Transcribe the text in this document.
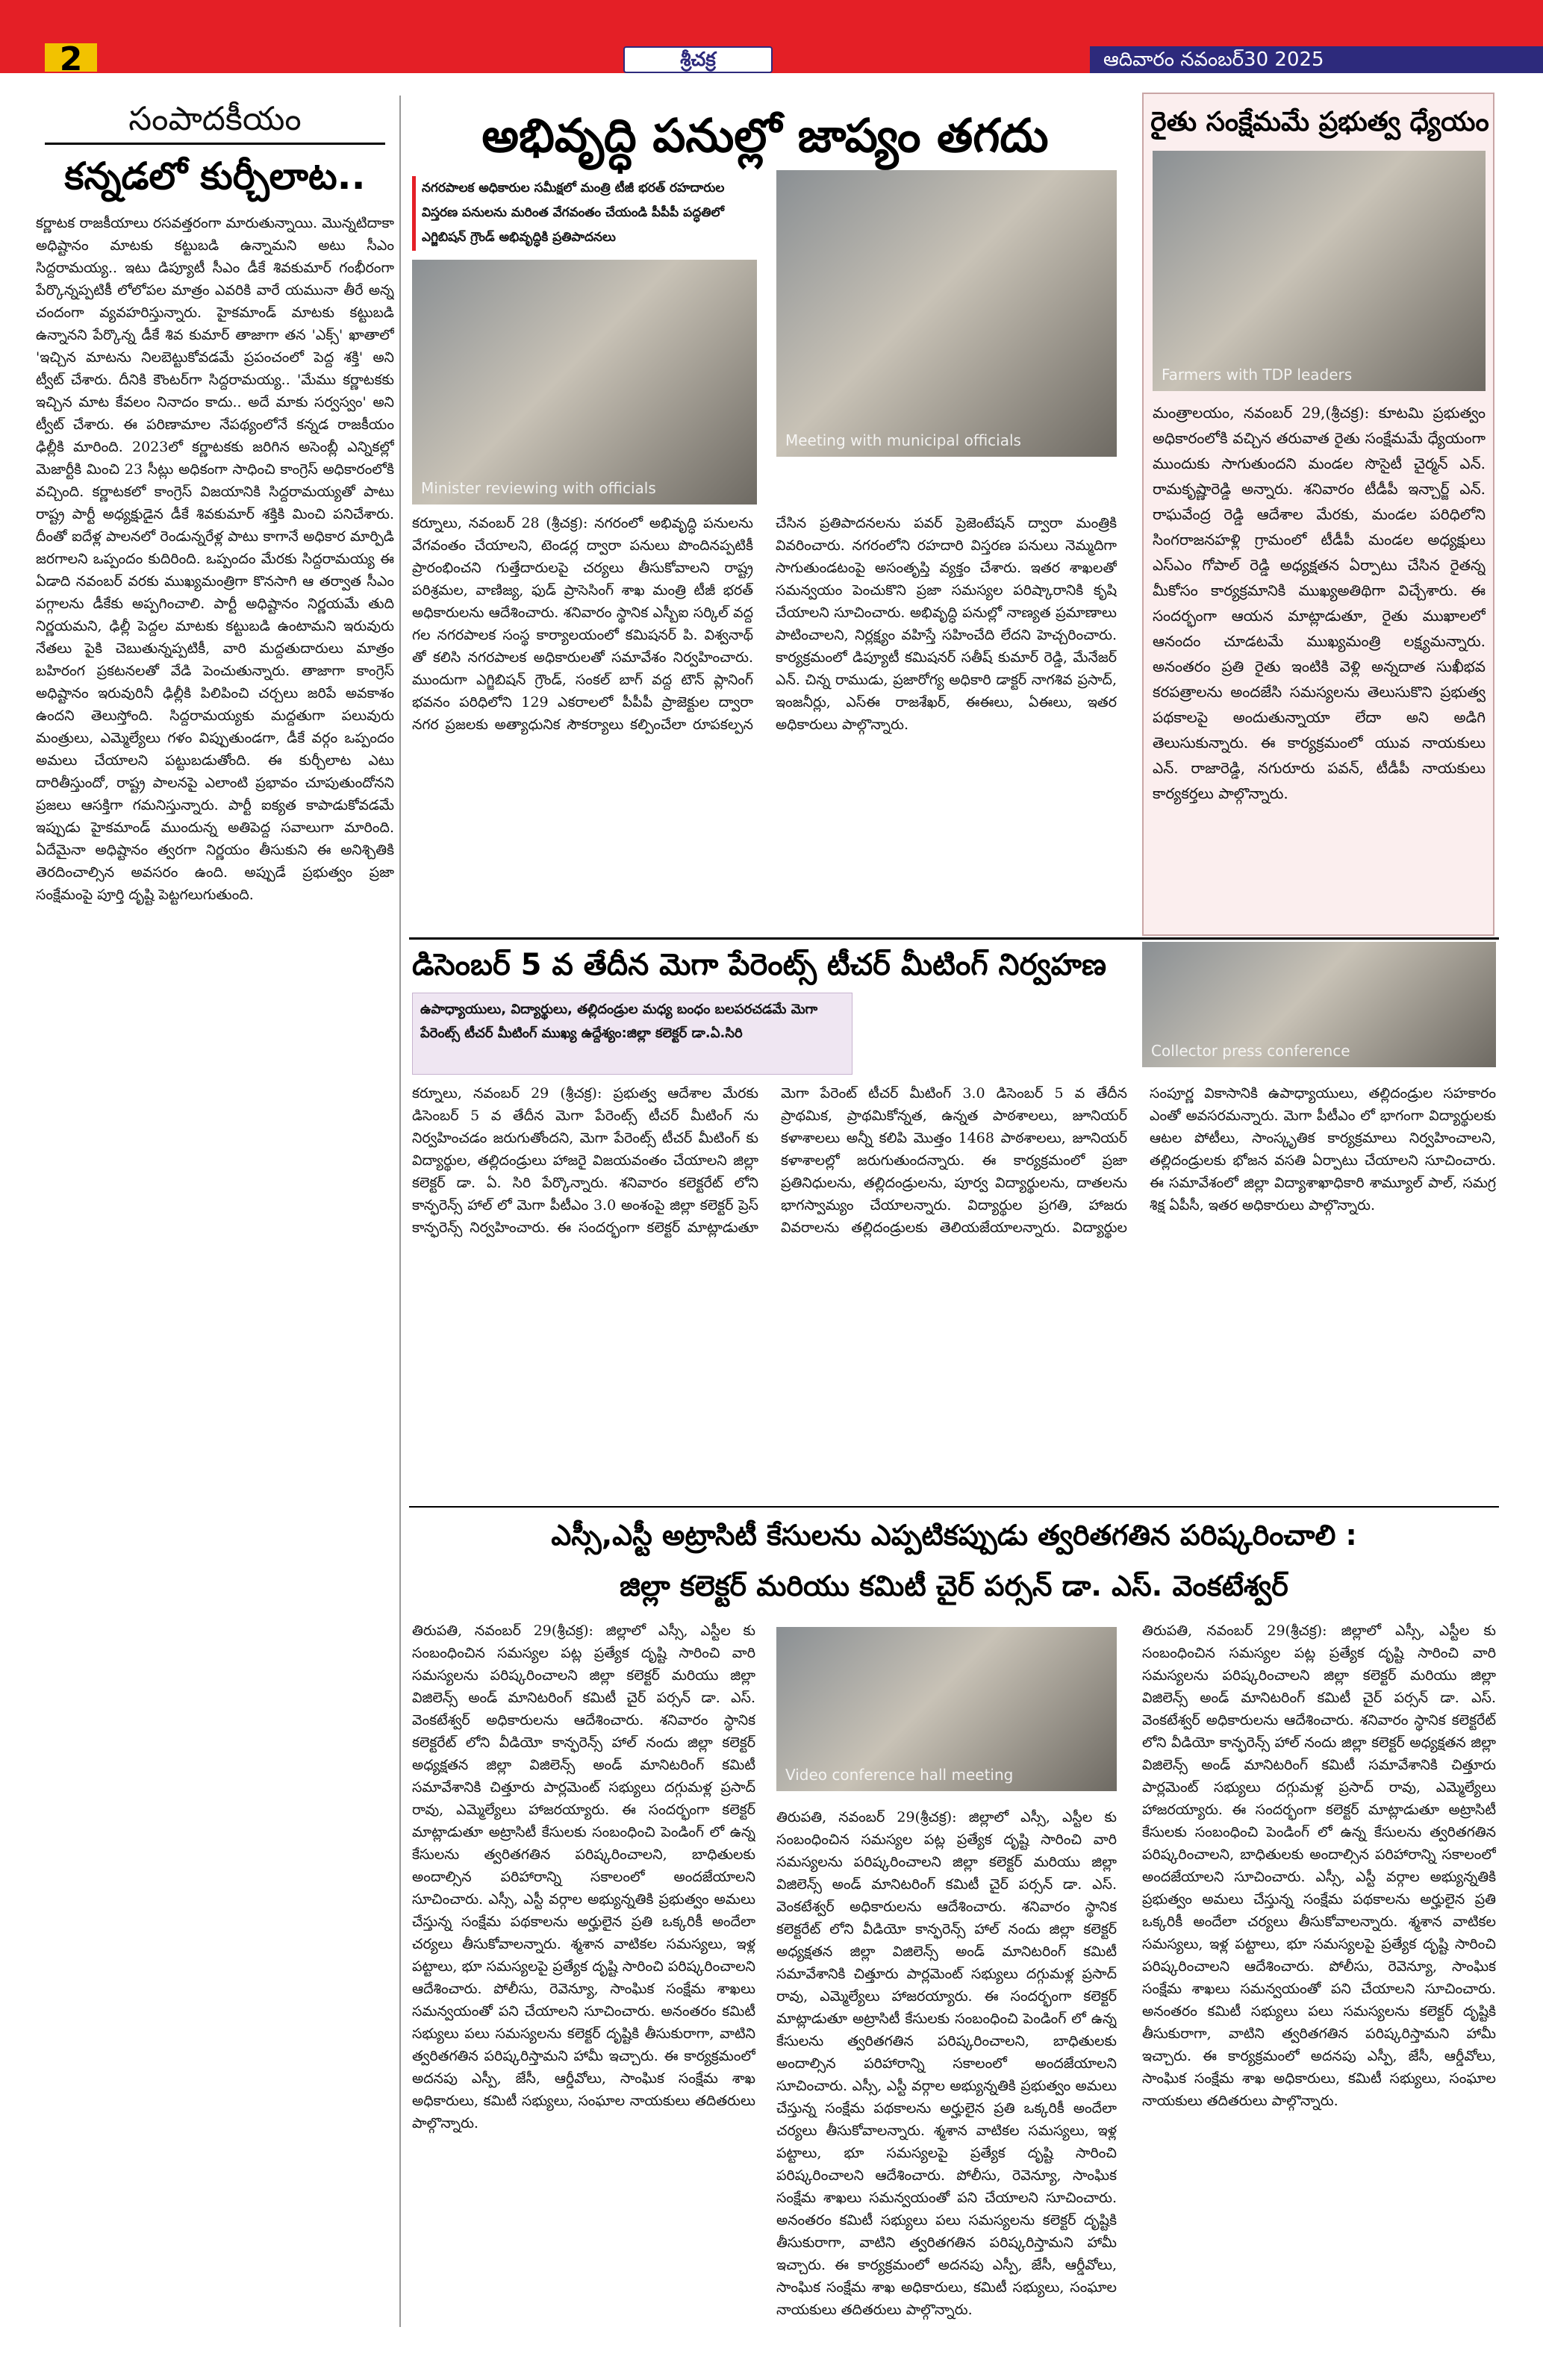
2	శ్రీచక్ర	ఆదివారం నవంబర్30 2025
సంపాదకీయం
కన్నడలో కుర్చీలాట..
కర్ణాటక రాజకీయాలు రసవత్తరంగా మారుతున్నాయి. మొన్నటిదాకా అధిష్టానం మాటకు కట్టుబడి ఉన్నామని అటు సీఎం సిద్దరామయ్య.. ఇటు డిప్యూటీ సీఎం డీకే శివకుమార్ గంభీరంగా పేర్కొన్నప్పటికీ లోలోపల మాత్రం ఎవరికి వారే యమునా తీరే అన్న చందంగా వ్యవహరిస్తున్నారు. హైకమాండ్ మాటకు కట్టుబడి ఉన్నానని పేర్కొన్న డీకే శివ కుమార్ తాజాగా తన 'ఎక్స్' ఖాతాలో 'ఇచ్చిన మాటను నిలబెట్టుకోవడమే ప్రపంచంలో పెద్ద శక్తి' అని ట్వీట్ చేశారు. దీనికి కౌంటర్‌గా సిద్దరామయ్య.. 'మేము కర్ణాటకకు ఇచ్చిన మాట కేవలం నినాదం కాదు.. అదే మాకు సర్వస్వం' అని ట్వీట్ చేశారు. ఈ పరిణామాల నేపథ్యంలోనే కన్నడ రాజకీయం ఢిల్లీకి మారింది. 2023లో కర్ణాటకకు జరిగిన అసెంబ్లీ ఎన్నికల్లో మెజార్టీకి మించి 23 సీట్లు అధికంగా సాధించి కాంగ్రెస్ అధికారంలోకి వచ్చింది. కర్ణాటకలో కాంగ్రెస్ విజయానికి సిద్దరామయ్యతో పాటు రాష్ట్ర పార్టీ అధ్యక్షుడైన డీకే శివకుమార్ శక్తికి మించి పనిచేశారు. దీంతో ఐదేళ్ల పాలనలో రెండున్నరేళ్ల పాటు కాగానే అధికార మార్పిడి జరగాలని ఒప్పందం కుదిరింది. ఒప్పందం మేరకు సిద్దరామయ్య ఈ ఏడాది నవంబర్ వరకు ముఖ్యమంత్రిగా కొనసాగి ఆ తర్వాత సీఎం పగ్గాలను డీకేకు అప్పగించాలి. పార్టీ అధిష్టానం నిర్ణయమే తుది నిర్ణయమని, ఢిల్లీ పెద్దల మాటకు కట్టుబడి ఉంటామని ఇరువురు నేతలు పైకి చెబుతున్నప్పటికీ, వారి మద్దతుదారులు మాత్రం బహిరంగ ప్రకటనలతో వేడి పెంచుతున్నారు. తాజాగా కాంగ్రెస్ అధిష్టానం ఇరువురినీ ఢిల్లీకి పిలిపించి చర్చలు జరిపే అవకాశం ఉందని తెలుస్తోంది. సిద్దరామయ్యకు మద్దతుగా పలువురు మంత్రులు, ఎమ్మెల్యేలు గళం విప్పుతుండగా, డీకే వర్గం ఒప్పందం అమలు చేయాలని పట్టుబడుతోంది. ఈ కుర్చీలాట ఎటు దారితీస్తుందో, రాష్ట్ర పాలనపై ఎలాంటి ప్రభావం చూపుతుందోనని ప్రజలు ఆసక్తిగా గమనిస్తున్నారు. పార్టీ ఐక్యత కాపాడుకోవడమే ఇప్పుడు హైకమాండ్ ముందున్న అతిపెద్ద సవాలుగా మారింది. ఏదేమైనా అధిష్టానం త్వరగా నిర్ణయం తీసుకుని ఈ అనిశ్చితికి తెరదించాల్సిన అవసరం ఉంది. అప్పుడే ప్రభుత్వం ప్రజా సంక్షేమంపై పూర్తి దృష్టి పెట్టగలుగుతుంది.
అభివృద్ధి పనుల్లో జాప్యం తగదు
నగరపాలక అధికారుల సమీక్షలో మంత్రి టీజీ భరత్ రహదారుల విస్తరణ పనులను మరింత వేగవంతం చేయండి పీపీపీ పద్ధతిలో ఎగ్జిబిషన్ గ్రౌండ్ అభివృద్ధికి ప్రతిపాదనలు
Minister reviewing with officials
Meeting with municipal officials
కర్నూలు, నవంబర్ 28 (శ్రీచక్ర): నగరంలో అభివృద్ధి పనులను వేగవంతం చేయాలని, టెండర్ల ద్వారా పనులు పొందినప్పటికీ ప్రారంభించని గుత్తేదారులపై చర్యలు తీసుకోవాలని రాష్ట్ర పరిశ్రమల, వాణిజ్య, ఫుడ్ ప్రాసెసింగ్ శాఖ మంత్రి టీజీ భరత్ అధికారులను ఆదేశించారు. శనివారం స్థానిక ఎస్బీఐ సర్కిల్ వద్ద గల నగరపాలక సంస్థ కార్యాలయంలో కమిషనర్ పి. విశ్వనాథ్ తో కలిసి నగరపాలక అధికారులతో సమావేశం నిర్వహించారు. ముందుగా ఎగ్జిబిషన్ గ్రౌండ్, సంకల్ బాగ్ వద్ద టౌన్ ప్లానింగ్ భవనం పరిధిలోని 129 ఎకరాలలో పీపీపీ ప్రాజెక్టుల ద్వారా నగర ప్రజలకు అత్యాధునిక సౌకర్యాలు కల్పించేలా రూపకల్పన చేసిన ప్రతిపాదనలను పవర్ ప్రెజెంటేషన్ ద్వారా మంత్రికి వివరించారు. నగరంలోని రహదారి విస్తరణ పనులు నెమ్మదిగా సాగుతుండటంపై అసంతృప్తి వ్యక్తం చేశారు. ఇతర శాఖలతో సమన్వయం పెంచుకొని ప్రజా సమస్యల పరిష్కారానికి కృషి చేయాలని సూచించారు. అభివృద్ధి పనుల్లో నాణ్యత ప్రమాణాలు పాటించాలని, నిర్లక్ష్యం వహిస్తే సహించేది లేదని హెచ్చరించారు. కార్యక్రమంలో డిప్యూటీ కమిషనర్ సతీష్ కుమార్ రెడ్డి, మేనేజర్ ఎన్. చిన్న రాముడు, ప్రజారోగ్య అధికారి డాక్టర్ నాగశివ ప్రసాద్, ఇంజనీర్లు, ఎస్ఈ రాజశేఖర్, ఈఈలు, ఏఈలు, ఇతర అధికారులు పాల్గొన్నారు.
రైతు సంక్షేమమే ప్రభుత్వ ధ్యేయం
Farmers with TDP leaders
మంత్రాలయం, నవంబర్ 29,(శ్రీచక్ర): కూటమి ప్రభుత్వం అధికారంలోకి వచ్చిన తరువాత రైతు సంక్షేమమే ధ్యేయంగా ముందుకు సాగుతుందని మండల సొసైటీ చైర్మన్ ఎన్. రామకృష్ణారెడ్డి అన్నారు. శనివారం టీడీపీ ఇన్చార్జ్ ఎన్. రాఘవేంద్ర రెడ్డి ఆదేశాల మేరకు, మండల పరిధిలోని సింగరాజనహళ్లి గ్రామంలో టీడీపీ మండల అధ్యక్షులు ఎస్ఎం గోపాల్ రెడ్డి అధ్యక్షతన ఏర్పాటు చేసిన రైతన్న మీకోసం కార్యక్రమానికి ముఖ్యఅతిథిగా విచ్చేశారు. ఈ సందర్భంగా ఆయన మాట్లాడుతూ, రైతు ముఖాలలో ఆనందం చూడటమే ముఖ్యమంత్రి లక్ష్యమన్నారు. అనంతరం ప్రతి రైతు ఇంటికి వెళ్లి అన్నదాత సుఖీభవ కరపత్రాలను అందజేసి సమస్యలను తెలుసుకొని ప్రభుత్వ పథకాలపై అందుతున్నాయా లేదా అని అడిగి తెలుసుకున్నారు. ఈ కార్యక్రమంలో యువ నాయకులు ఎన్. రాజారెడ్డి, నగురూరు పవన్, టీడీపీ నాయకులు కార్యకర్తలు పాల్గొన్నారు.
డిసెంబర్ 5 వ తేదీన మెగా పేరెంట్స్ టీచర్ మీటింగ్ నిర్వహణ
ఉపాధ్యాయులు, విద్యార్థులు, తల్లిదండ్రుల మధ్య బంధం బలపరచడమే మెగా పేరెంట్స్ టీచర్ మీటింగ్ ముఖ్య ఉద్దేశ్యం:జిల్లా కలెక్టర్ డా.ఏ.సిరి
Collector press conference
కర్నూలు, నవంబర్ 29 (శ్రీచక్ర): ప్రభుత్వ ఆదేశాల మేరకు డిసెంబర్ 5 వ తేదీన మెగా పేరెంట్స్ టీచర్ మీటింగ్ ను నిర్వహించడం జరుగుతోందని, మెగా పేరెంట్స్ టీచర్ మీటింగ్ కు విద్యార్థుల, తల్లిదండ్రులు హాజరై విజయవంతం చేయాలని జిల్లా కలెక్టర్ డా. ఏ. సిరి పేర్కొన్నారు. శనివారం కలెక్టరేట్ లోని కాన్ఫరెన్స్ హాల్ లో మెగా పీటీఎం 3.0 అంశంపై జిల్లా కలెక్టర్ ప్రెస్ కాన్ఫరెన్స్ నిర్వహించారు. ఈ సందర్భంగా కలెక్టర్ మాట్లాడుతూ మెగా పేరెంట్ టీచర్ మీటింగ్ 3.0 డిసెంబర్ 5 వ తేదీన ప్రాథమిక, ప్రాథమికోన్నత, ఉన్నత పాఠశాలలు, జూనియర్ కళాశాలలు అన్నీ కలిపి మొత్తం 1468 పాఠశాలలు, జూనియర్ కళాశాలల్లో జరుగుతుందన్నారు. ఈ కార్యక్రమంలో ప్రజా ప్రతినిధులను, తల్లిదండ్రులను, పూర్వ విద్యార్థులను, దాతలను భాగస్వామ్యం చేయాలన్నారు. విద్యార్థుల ప్రగతి, హాజరు వివరాలను తల్లిదండ్రులకు తెలియజేయాలన్నారు. విద్యార్థుల సంపూర్ణ వికాసానికి ఉపాధ్యాయులు, తల్లిదండ్రుల సహకారం ఎంతో అవసరమన్నారు. మెగా పీటీఎం లో భాగంగా విద్యార్థులకు ఆటల పోటీలు, సాంస్కృతిక కార్యక్రమాలు నిర్వహించాలని, తల్లిదండ్రులకు భోజన వసతి ఏర్పాటు చేయాలని సూచించారు. ఈ సమావేశంలో జిల్లా విద్యాశాఖాధికారి శామ్యూల్ పాల్, సమగ్ర శిక్ష ఏపీసీ, ఇతర అధికారులు పాల్గొన్నారు.
ఎస్సీ,ఎస్టీ అట్రాసిటీ కేసులను ఎప్పటికప్పుడు త్వరితగతిన పరిష్కరించాలి :
జిల్లా కలెక్టర్ మరియు కమిటీ చైర్ పర్సన్ డా. ఎస్. వెంకటేశ్వర్
Video conference hall meeting
తిరుపతి, నవంబర్ 29(శ్రీచక్ర): జిల్లాలో ఎస్సీ, ఎస్టీల కు సంబంధించిన సమస్యల పట్ల ప్రత్యేక దృష్టి సారించి వారి సమస్యలను పరిష్కరించాలని జిల్లా కలెక్టర్ మరియు జిల్లా విజిలెన్స్ అండ్ మానిటరింగ్ కమిటీ చైర్ పర్సన్ డా. ఎస్. వెంకటేశ్వర్ అధికారులను ఆదేశించారు. శనివారం స్థానిక కలెక్టరేట్ లోని వీడియో కాన్ఫరెన్స్ హాల్ నందు జిల్లా కలెక్టర్ అధ్యక్షతన జిల్లా విజిలెన్స్ అండ్ మానిటరింగ్ కమిటీ సమావేశానికి చిత్తూరు పార్లమెంట్ సభ్యులు దగ్గుమళ్ల ప్రసాద్ రావు, ఎమ్మెల్యేలు హాజరయ్యారు. ఈ సందర్భంగా కలెక్టర్ మాట్లాడుతూ అట్రాసిటీ కేసులకు సంబంధించి పెండింగ్ లో ఉన్న కేసులను త్వరితగతిన పరిష్కరించాలని, బాధితులకు అందాల్సిన పరిహారాన్ని సకాలంలో అందజేయాలని సూచించారు. ఎస్సీ, ఎస్టీ వర్గాల అభ్యున్నతికి ప్రభుత్వం అమలు చేస్తున్న సంక్షేమ పథకాలను అర్హులైన ప్రతి ఒక్కరికీ అందేలా చర్యలు తీసుకోవాలన్నారు. శ్మశాన వాటికల సమస్యలు, ఇళ్ల పట్టాలు, భూ సమస్యలపై ప్రత్యేక దృష్టి సారించి పరిష్కరించాలని ఆదేశించారు. పోలీసు, రెవెన్యూ, సాంఘిక సంక్షేమ శాఖలు సమన్వయంతో పని చేయాలని సూచించారు. అనంతరం కమిటీ సభ్యులు పలు సమస్యలను కలెక్టర్ దృష్టికి తీసుకురాగా, వాటిని త్వరితగతిన పరిష్కరిస్తామని హామీ ఇచ్చారు. ఈ కార్యక్రమంలో అదనపు ఎస్పీ, జేసీ, ఆర్డీవోలు, సాంఘిక సంక్షేమ శాఖ అధికారులు, కమిటీ సభ్యులు, సంఘాల నాయకులు తదితరులు పాల్గొన్నారు.
తిరుపతి, నవంబర్ 29(శ్రీచక్ర): జిల్లాలో ఎస్సీ, ఎస్టీల కు సంబంధించిన సమస్యల పట్ల ప్రత్యేక దృష్టి సారించి వారి సమస్యలను పరిష్కరించాలని జిల్లా కలెక్టర్ మరియు జిల్లా విజిలెన్స్ అండ్ మానిటరింగ్ కమిటీ చైర్ పర్సన్ డా. ఎస్. వెంకటేశ్వర్ అధికారులను ఆదేశించారు. శనివారం స్థానిక కలెక్టరేట్ లోని వీడియో కాన్ఫరెన్స్ హాల్ నందు జిల్లా కలెక్టర్ అధ్యక్షతన జిల్లా విజిలెన్స్ అండ్ మానిటరింగ్ కమిటీ సమావేశానికి చిత్తూరు పార్లమెంట్ సభ్యులు దగ్గుమళ్ల ప్రసాద్ రావు, ఎమ్మెల్యేలు హాజరయ్యారు. ఈ సందర్భంగా కలెక్టర్ మాట్లాడుతూ అట్రాసిటీ కేసులకు సంబంధించి పెండింగ్ లో ఉన్న కేసులను త్వరితగతిన పరిష్కరించాలని, బాధితులకు అందాల్సిన పరిహారాన్ని సకాలంలో అందజేయాలని సూచించారు. ఎస్సీ, ఎస్టీ వర్గాల అభ్యున్నతికి ప్రభుత్వం అమలు చేస్తున్న సంక్షేమ పథకాలను అర్హులైన ప్రతి ఒక్కరికీ అందేలా చర్యలు తీసుకోవాలన్నారు. శ్మశాన వాటికల సమస్యలు, ఇళ్ల పట్టాలు, భూ సమస్యలపై ప్రత్యేక దృష్టి సారించి పరిష్కరించాలని ఆదేశించారు. పోలీసు, రెవెన్యూ, సాంఘిక సంక్షేమ శాఖలు సమన్వయంతో పని చేయాలని సూచించారు. అనంతరం కమిటీ సభ్యులు పలు సమస్యలను కలెక్టర్ దృష్టికి తీసుకురాగా, వాటిని త్వరితగతిన పరిష్కరిస్తామని హామీ ఇచ్చారు. ఈ కార్యక్రమంలో అదనపు ఎస్పీ, జేసీ, ఆర్డీవోలు, సాంఘిక సంక్షేమ శాఖ అధికారులు, కమిటీ సభ్యులు, సంఘాల నాయకులు తదితరులు పాల్గొన్నారు.
తిరుపతి, నవంబర్ 29(శ్రీచక్ర): జిల్లాలో ఎస్సీ, ఎస్టీల కు సంబంధించిన సమస్యల పట్ల ప్రత్యేక దృష్టి సారించి వారి సమస్యలను పరిష్కరించాలని జిల్లా కలెక్టర్ మరియు జిల్లా విజిలెన్స్ అండ్ మానిటరింగ్ కమిటీ చైర్ పర్సన్ డా. ఎస్. వెంకటేశ్వర్ అధికారులను ఆదేశించారు. శనివారం స్థానిక కలెక్టరేట్ లోని వీడియో కాన్ఫరెన్స్ హాల్ నందు జిల్లా కలెక్టర్ అధ్యక్షతన జిల్లా విజిలెన్స్ అండ్ మానిటరింగ్ కమిటీ సమావేశానికి చిత్తూరు పార్లమెంట్ సభ్యులు దగ్గుమళ్ల ప్రసాద్ రావు, ఎమ్మెల్యేలు హాజరయ్యారు. ఈ సందర్భంగా కలెక్టర్ మాట్లాడుతూ అట్రాసిటీ కేసులకు సంబంధించి పెండింగ్ లో ఉన్న కేసులను త్వరితగతిన పరిష్కరించాలని, బాధితులకు అందాల్సిన పరిహారాన్ని సకాలంలో అందజేయాలని సూచించారు. ఎస్సీ, ఎస్టీ వర్గాల అభ్యున్నతికి ప్రభుత్వం అమలు చేస్తున్న సంక్షేమ పథకాలను అర్హులైన ప్రతి ఒక్కరికీ అందేలా చర్యలు తీసుకోవాలన్నారు. శ్మశాన వాటికల సమస్యలు, ఇళ్ల పట్టాలు, భూ సమస్యలపై ప్రత్యేక దృష్టి సారించి పరిష్కరించాలని ఆదేశించారు. పోలీసు, రెవెన్యూ, సాంఘిక సంక్షేమ శాఖలు సమన్వయంతో పని చేయాలని సూచించారు. అనంతరం కమిటీ సభ్యులు పలు సమస్యలను కలెక్టర్ దృష్టికి తీసుకురాగా, వాటిని త్వరితగతిన పరిష్కరిస్తామని హామీ ఇచ్చారు. ఈ కార్యక్రమంలో అదనపు ఎస్పీ, జేసీ, ఆర్డీవోలు, సాంఘిక సంక్షేమ శాఖ అధికారులు, కమిటీ సభ్యులు, సంఘాల నాయకులు తదితరులు పాల్గొన్నారు.
